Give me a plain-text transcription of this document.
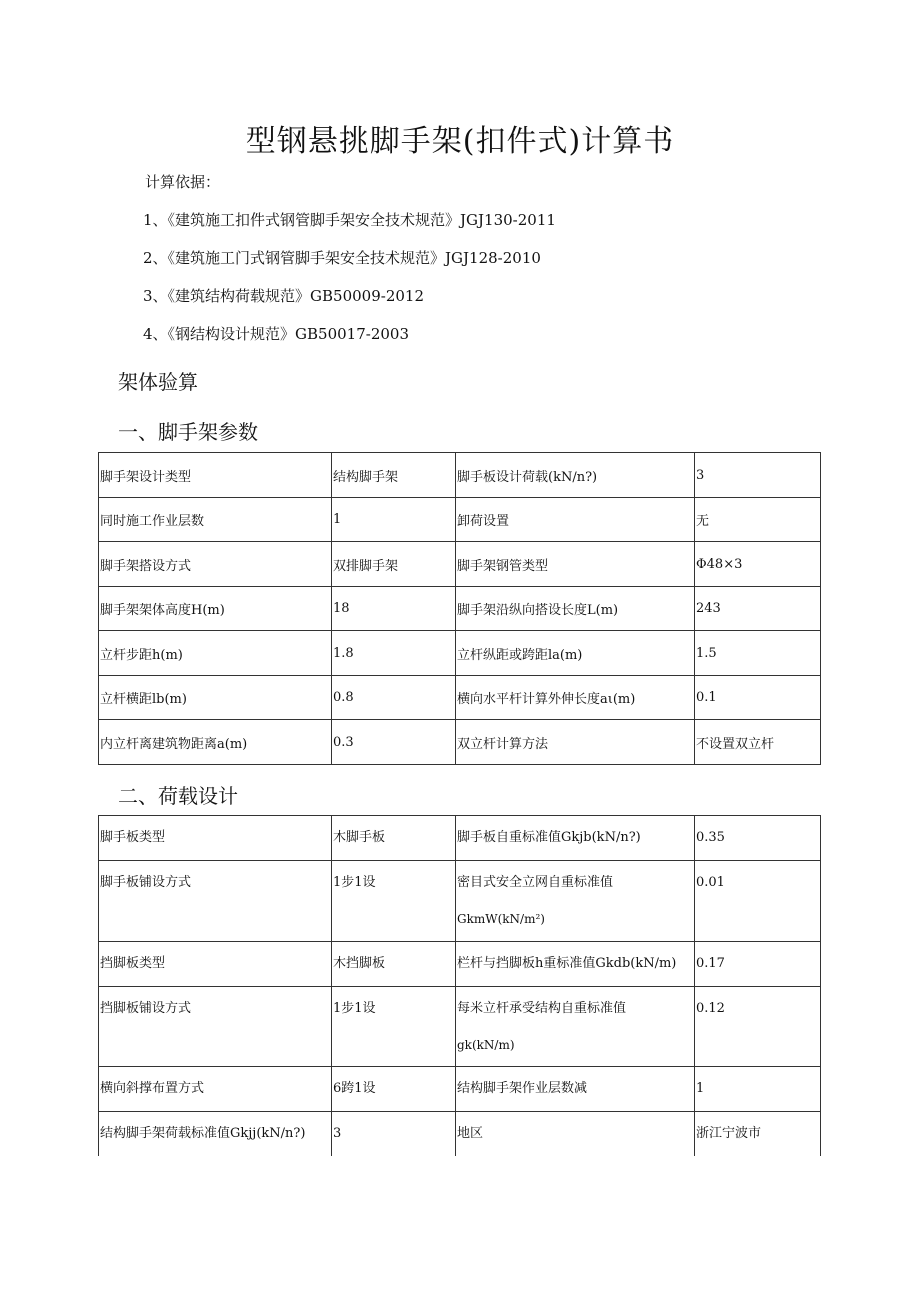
型钢悬挑脚手架(扣件式)计算书
计算依据：
1、《建筑施工扣件式钢管脚手架安全技术规范》JGJ130-2011
2、《建筑施工门式钢管脚手架安全技术规范》JGJ128-2010
3、《建筑结构荷载规范》GB50009-2012
4、《钢结构设计规范》GB50017-2003
架体验算
一、脚手架参数
脚手架设计类型	结构脚手架	脚手板设计荷载(kN/n?)	3
同时施工作业层数	1	卸荷设置	无
脚手架搭设方式	双排脚手架	脚手架钢管类型	Φ48×3
脚手架架体高度H(m)	18	脚手架沿纵向搭设长度L(m)	243
立杆步距h(m)	1.8	立杆纵距或跨距la(m)	1.5
立杆横距lb(m)	0.8	横向水平杆计算外伸长度aι(m)	0.1
内立杆离建筑物距离a(m)	0.3	双立杆计算方法	不设置双立杆
二、荷载设计
脚手板类型	木脚手板	脚手板自重标准值Gkjb(kN/n?)	0.35

脚手板铺设方式	1步1设	密目式安全立网自重标准值
GkmW(kN/m²)	0.01

挡脚板类型	木挡脚板	栏杆与挡脚板h重标准值Gkdb(kN/m)	0.17

挡脚板铺设方式	1步1设	每米立杆承受结构自重标准值
gk(kN/m)	0.12

横向斜撑布置方式	6跨1设	结构脚手架作业层数减	1

结构脚手架荷载标准值Gkjj(kN/n?)	3	地区	浙江宁波市
